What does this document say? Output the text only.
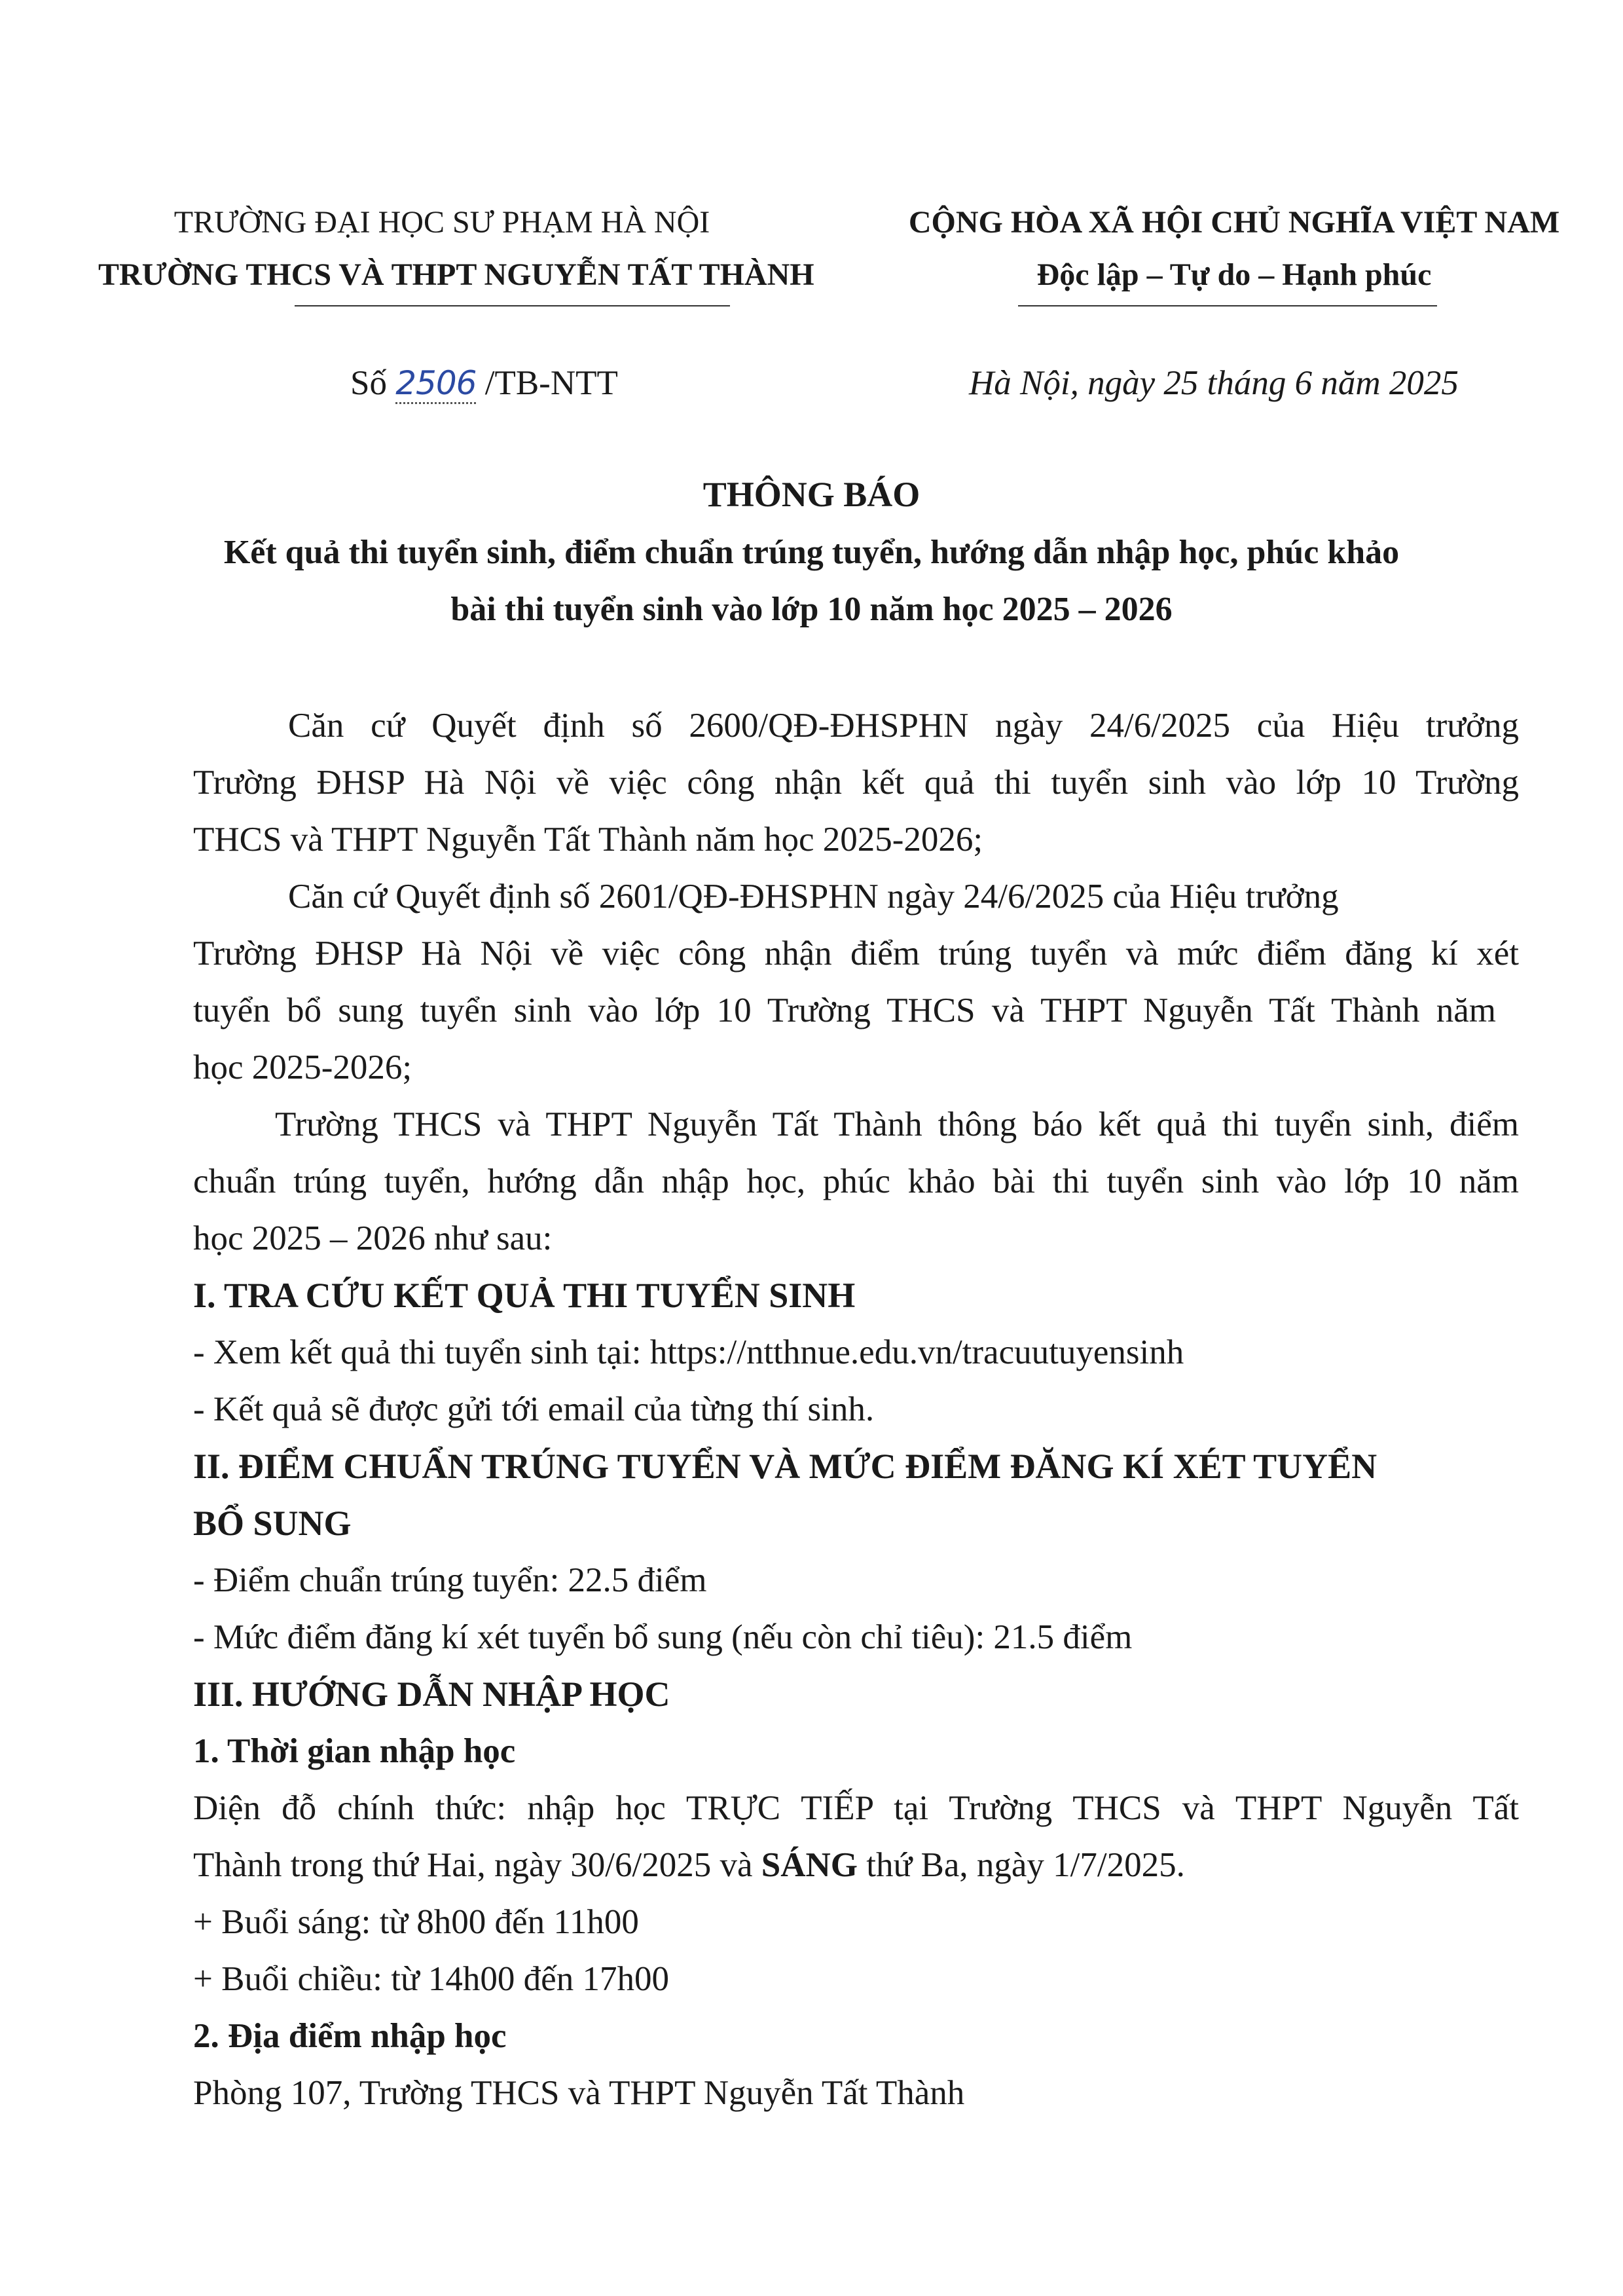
TRƯỜNG ĐẠI HỌC SƯ PHẠM HÀ NỘI
TRƯỜNG THCS VÀ THPT NGUYỄN TẤT THÀNH
CỘNG HÒA XÃ HỘI CHỦ NGHĨA VIỆT NAM
Độc lập – Tự do – Hạnh phúc
Số 2506 /TB-NTT	Hà Nội, ngày 25 tháng 6 năm 2025
THÔNG BÁO
Kết quả thi tuyển sinh, điểm chuẩn trúng tuyển, hướng dẫn nhập học, phúc khảo
bài thi tuyển sinh vào lớp 10 năm học 2025 – 2026
Căn cứ Quyết định số 2600/QĐ-ĐHSPHN ngày 24/6/2025 của Hiệu trưởng
Trường ĐHSP Hà Nội về việc công nhận kết quả thi tuyển sinh vào lớp 10 Trường
THCS và THPT Nguyễn Tất Thành năm học 2025-2026;
Căn cứ Quyết định số 2601/QĐ-ĐHSPHN ngày 24/6/2025 của Hiệu trưởng
Trường ĐHSP Hà Nội về việc công nhận điểm trúng tuyển và mức điểm đăng kí xét
tuyển bổ sung tuyển sinh vào lớp 10 Trường THCS và THPT Nguyễn Tất Thành năm
học 2025-2026;
Trường THCS và THPT Nguyễn Tất Thành thông báo kết quả thi tuyển sinh, điểm
chuẩn trúng tuyển, hướng dẫn nhập học, phúc khảo bài thi tuyển sinh vào lớp 10 năm
học 2025 – 2026 như sau:
I. TRA CỨU KẾT QUẢ THI TUYỂN SINH
- Xem kết quả thi tuyển sinh tại: https://ntthnue.edu.vn/tracuutuyensinh
- Kết quả sẽ được gửi tới email của từng thí sinh.
II. ĐIỂM CHUẨN TRÚNG TUYỂN VÀ MỨC ĐIỂM ĐĂNG KÍ XÉT TUYỂN
BỔ SUNG
- Điểm chuẩn trúng tuyển: 22.5 điểm
- Mức điểm đăng kí xét tuyển bổ sung (nếu còn chỉ tiêu): 21.5 điểm
III. HƯỚNG DẪN NHẬP HỌC
1. Thời gian nhập học
Diện đỗ chính thức: nhập học TRỰC TIẾP tại Trường THCS và THPT Nguyễn Tất
Thành trong thứ Hai, ngày 30/6/2025 và SÁNG thứ Ba, ngày 1/7/2025.
+ Buổi sáng: từ 8h00 đến 11h00
+ Buổi chiều: từ 14h00 đến 17h00
2. Địa điểm nhập học
Phòng 107, Trường THCS và THPT Nguyễn Tất Thành
